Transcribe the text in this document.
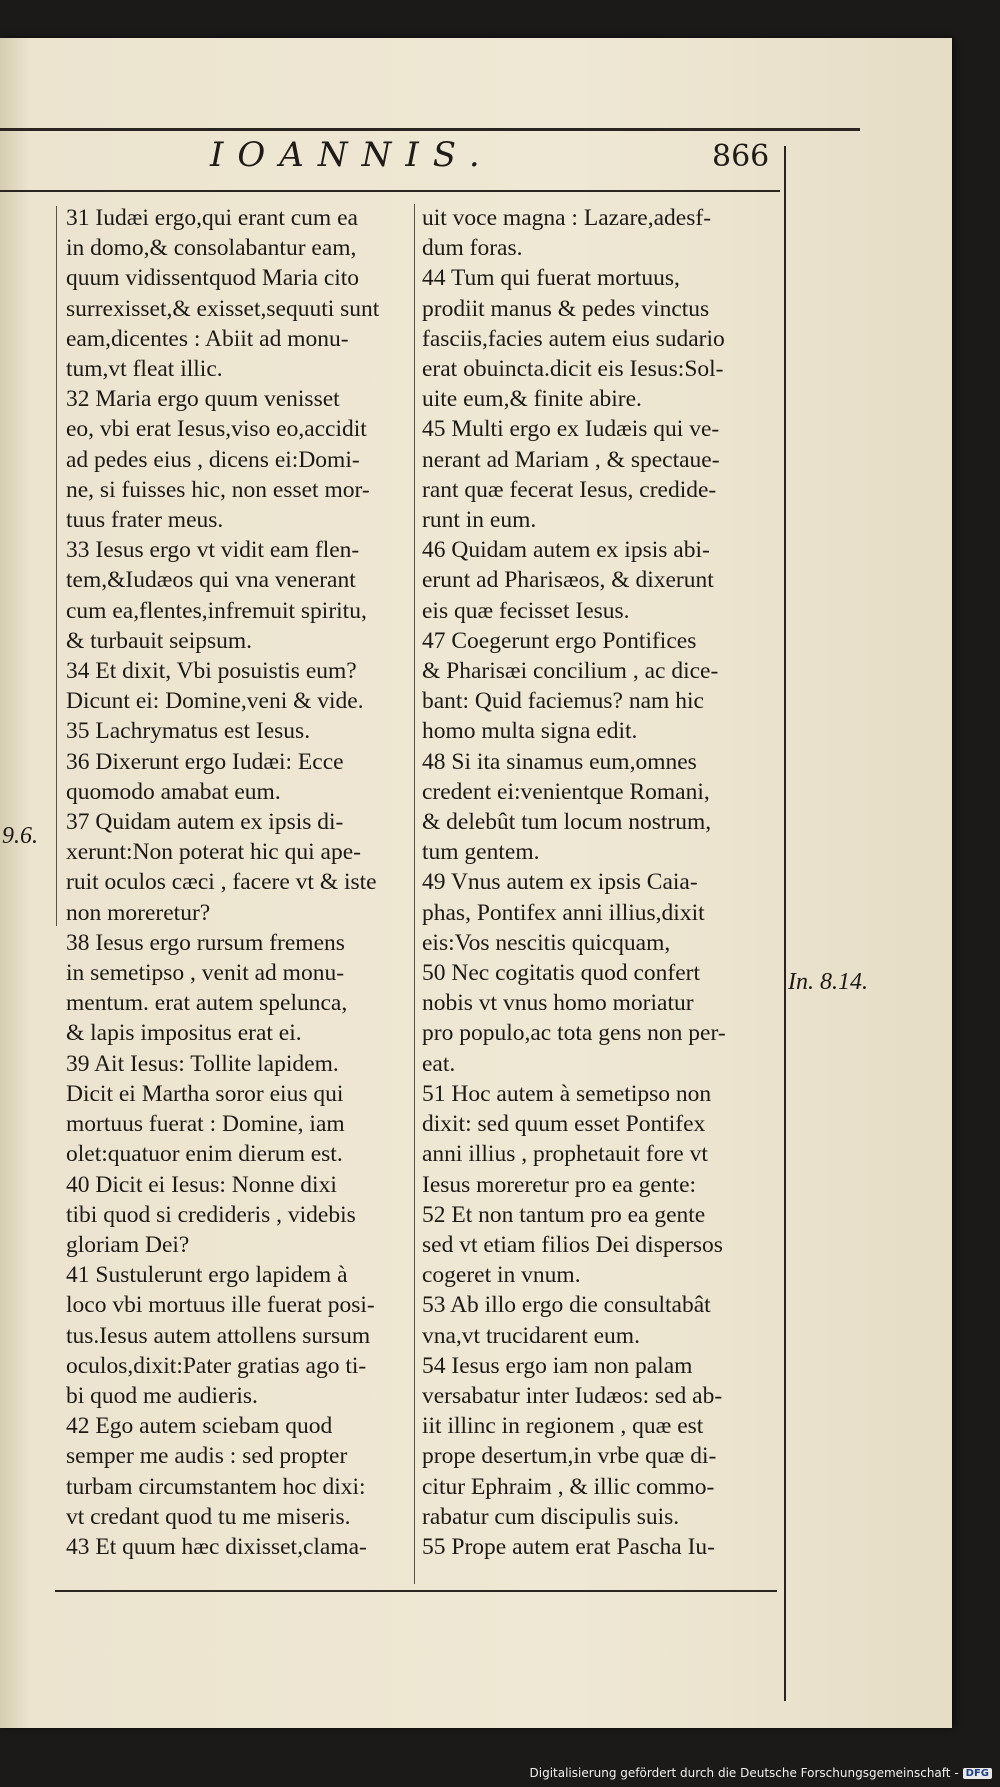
IOANNIS.	866
9.6.
In. 8.14.
31 Iudæi ergo,qui erant cum ea
in domo,& consolabantur eam,
quum vidissentquod Maria cito
surrexisset,& exisset,sequuti sunt
eam,dicentes : Abiit ad monu-
tum,vt fleat illic.
32 Maria ergo quum venisset
eo, vbi erat Iesus,viso eo,accidit
ad pedes eius , dicens ei:Domi-
ne, si fuisses hic, non esset mor-
tuus frater meus.
33 Iesus ergo vt vidit eam flen-
tem,&Iudæos qui vna venerant
cum ea,flentes,infremuit spiritu,
& turbauit seipsum.
34 Et dixit, Vbi posuistis eum?
Dicunt ei: Domine,veni & vide.
35 Lachrymatus est Iesus.
36 Dixerunt ergo Iudæi: Ecce
quomodo amabat eum.
37 Quidam autem ex ipsis di-
xerunt:Non poterat hic qui ape-
ruit oculos cæci , facere vt & iste
non moreretur?
38 Iesus ergo rursum fremens
in semetipso , venit ad monu-
mentum. erat autem spelunca,
& lapis impositus erat ei.
39 Ait Iesus: Tollite lapidem.
Dicit ei Martha soror eius qui
mortuus fuerat : Domine, iam
olet:quatuor enim dierum est.
40 Dicit ei Iesus: Nonne dixi
tibi quod si credideris , videbis
gloriam Dei?
41 Sustulerunt ergo lapidem à
loco vbi mortuus ille fuerat posi-
tus.Iesus autem attollens sursum
oculos,dixit:Pater gratias ago ti-
bi quod me audieris.
42 Ego autem sciebam quod
semper me audis : sed propter
turbam circumstantem hoc dixi:
vt credant quod tu me miseris.
43 Et quum hæc dixisset,clama-
uit voce magna : Lazare,adesf-
dum foras.
44 Tum qui fuerat mortuus,
prodiit manus & pedes vinctus
fasciis,facies autem eius sudario
erat obuincta.dicit eis Iesus:Sol-
uite eum,& finite abire.
45 Multi ergo ex Iudæis qui ve-
nerant ad Mariam , & spectaue-
rant quæ fecerat Iesus, credide-
runt in eum.
46 Quidam autem ex ipsis abi-
erunt ad Pharisæos, & dixerunt
eis quæ fecisset Iesus.
47 Coegerunt ergo Pontifices
& Pharisæi concilium , ac dice-
bant: Quid faciemus? nam hic
homo multa signa edit.
48 Si ita sinamus eum,omnes
credent ei:venientque Romani,
& delebût tum locum nostrum,
tum gentem.
49 Vnus autem ex ipsis Caia-
phas, Pontifex anni illius,dixit
eis:Vos nescitis quicquam,
50 Nec cogitatis quod confert
nobis vt vnus homo moriatur
pro populo,ac tota gens non per-
eat.
51 Hoc autem à semetipso non
dixit: sed quum esset Pontifex
anni illius , prophetauit fore vt
Iesus moreretur pro ea gente:
52 Et non tantum pro ea gente
sed vt etiam filios Dei dispersos
cogeret in vnum.
53 Ab illo ergo die consultabât
vna,vt trucidarent eum.
54 Iesus ergo iam non palam
versabatur inter Iudæos: sed ab-
iit illinc in regionem , quæ est
prope desertum,in vrbe quæ di-
citur Ephraim , & illic commo-
rabatur cum discipulis suis.
55 Prope autem erat Pascha Iu-
Digitalisierung gefördert durch die Deutsche Forschungsgemeinschaft - DFG
